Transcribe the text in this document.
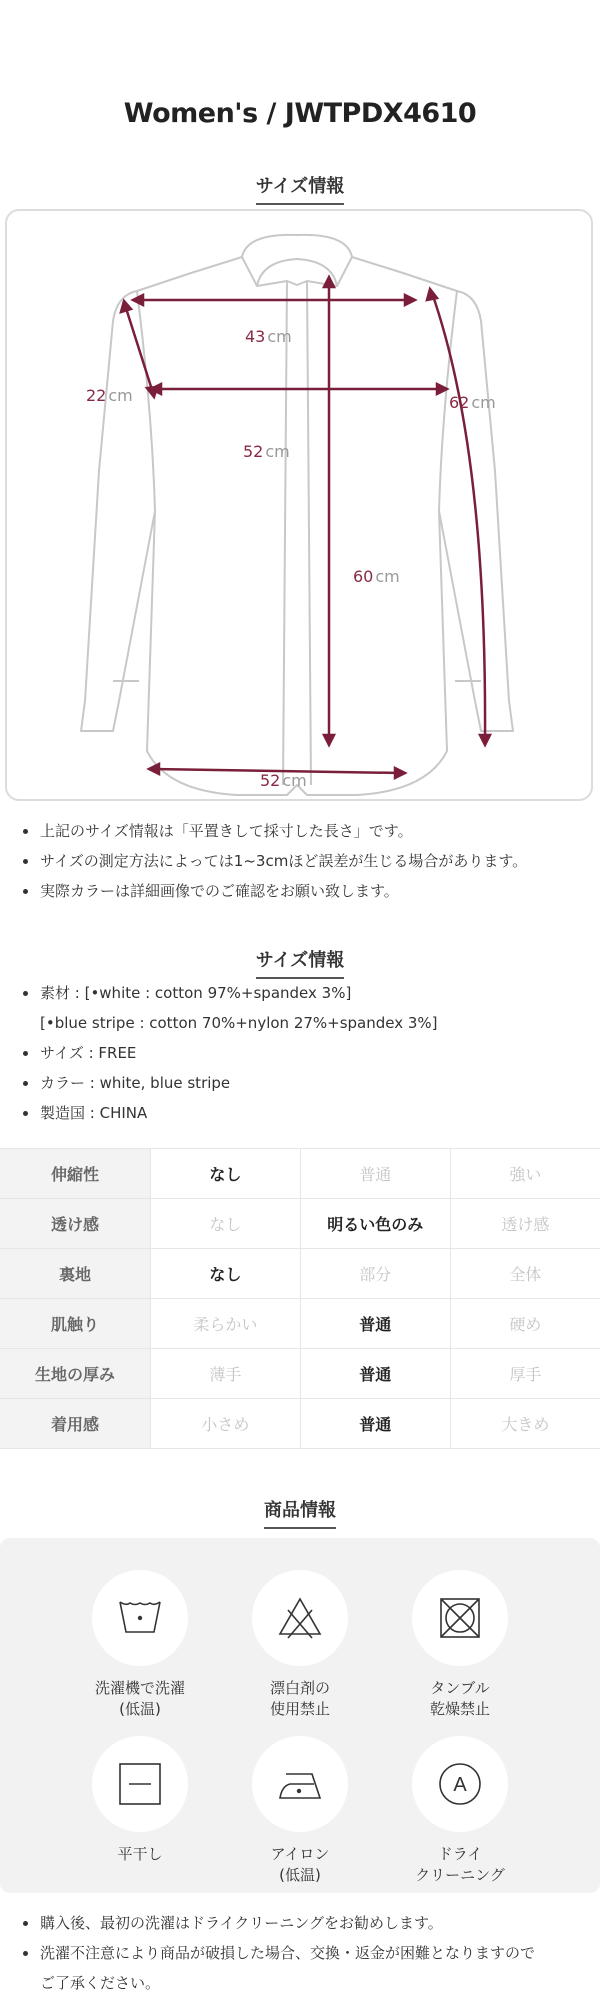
Women's / JWTPDX4610
サイズ情報
43 cm
22 cm	62 cm
52 cm
60 cm
52 cm
上記のサイズ情報は「平置きして採寸した長さ」です。
サイズの測定方法によっては1~3cmほど誤差が生じる場合があります。
実際カラーは詳細画像でのご確認をお願い致します。
サイズ情報
素材 : [•white : cotton 97%+spandex 3%]
[•blue stripe : cotton 70%+nylon 27%+spandex 3%]
サイズ : FREE
カラー : white, blue stripe
製造国 : CHINA
伸縮性	なし	普通	強い
透け感	なし	明るい色のみ	透け感
裏地	なし	部分	全体
肌触り	柔らかい	普通	硬め
生地の厚み	薄手	普通	厚手
着用感	小さめ	普通	大きめ
商品情報
洗濯機で洗濯
(低温)
漂白剤の
使用禁止
タンブル
乾燥禁止
平干し	アイロン
(低温)
A
ドライ
クリーニング
購入後、最初の洗濯はドライクリーニングをお勧めします。
洗濯不注意により商品が破損した場合、交換・返金が困難となりますので
ご了承ください。
